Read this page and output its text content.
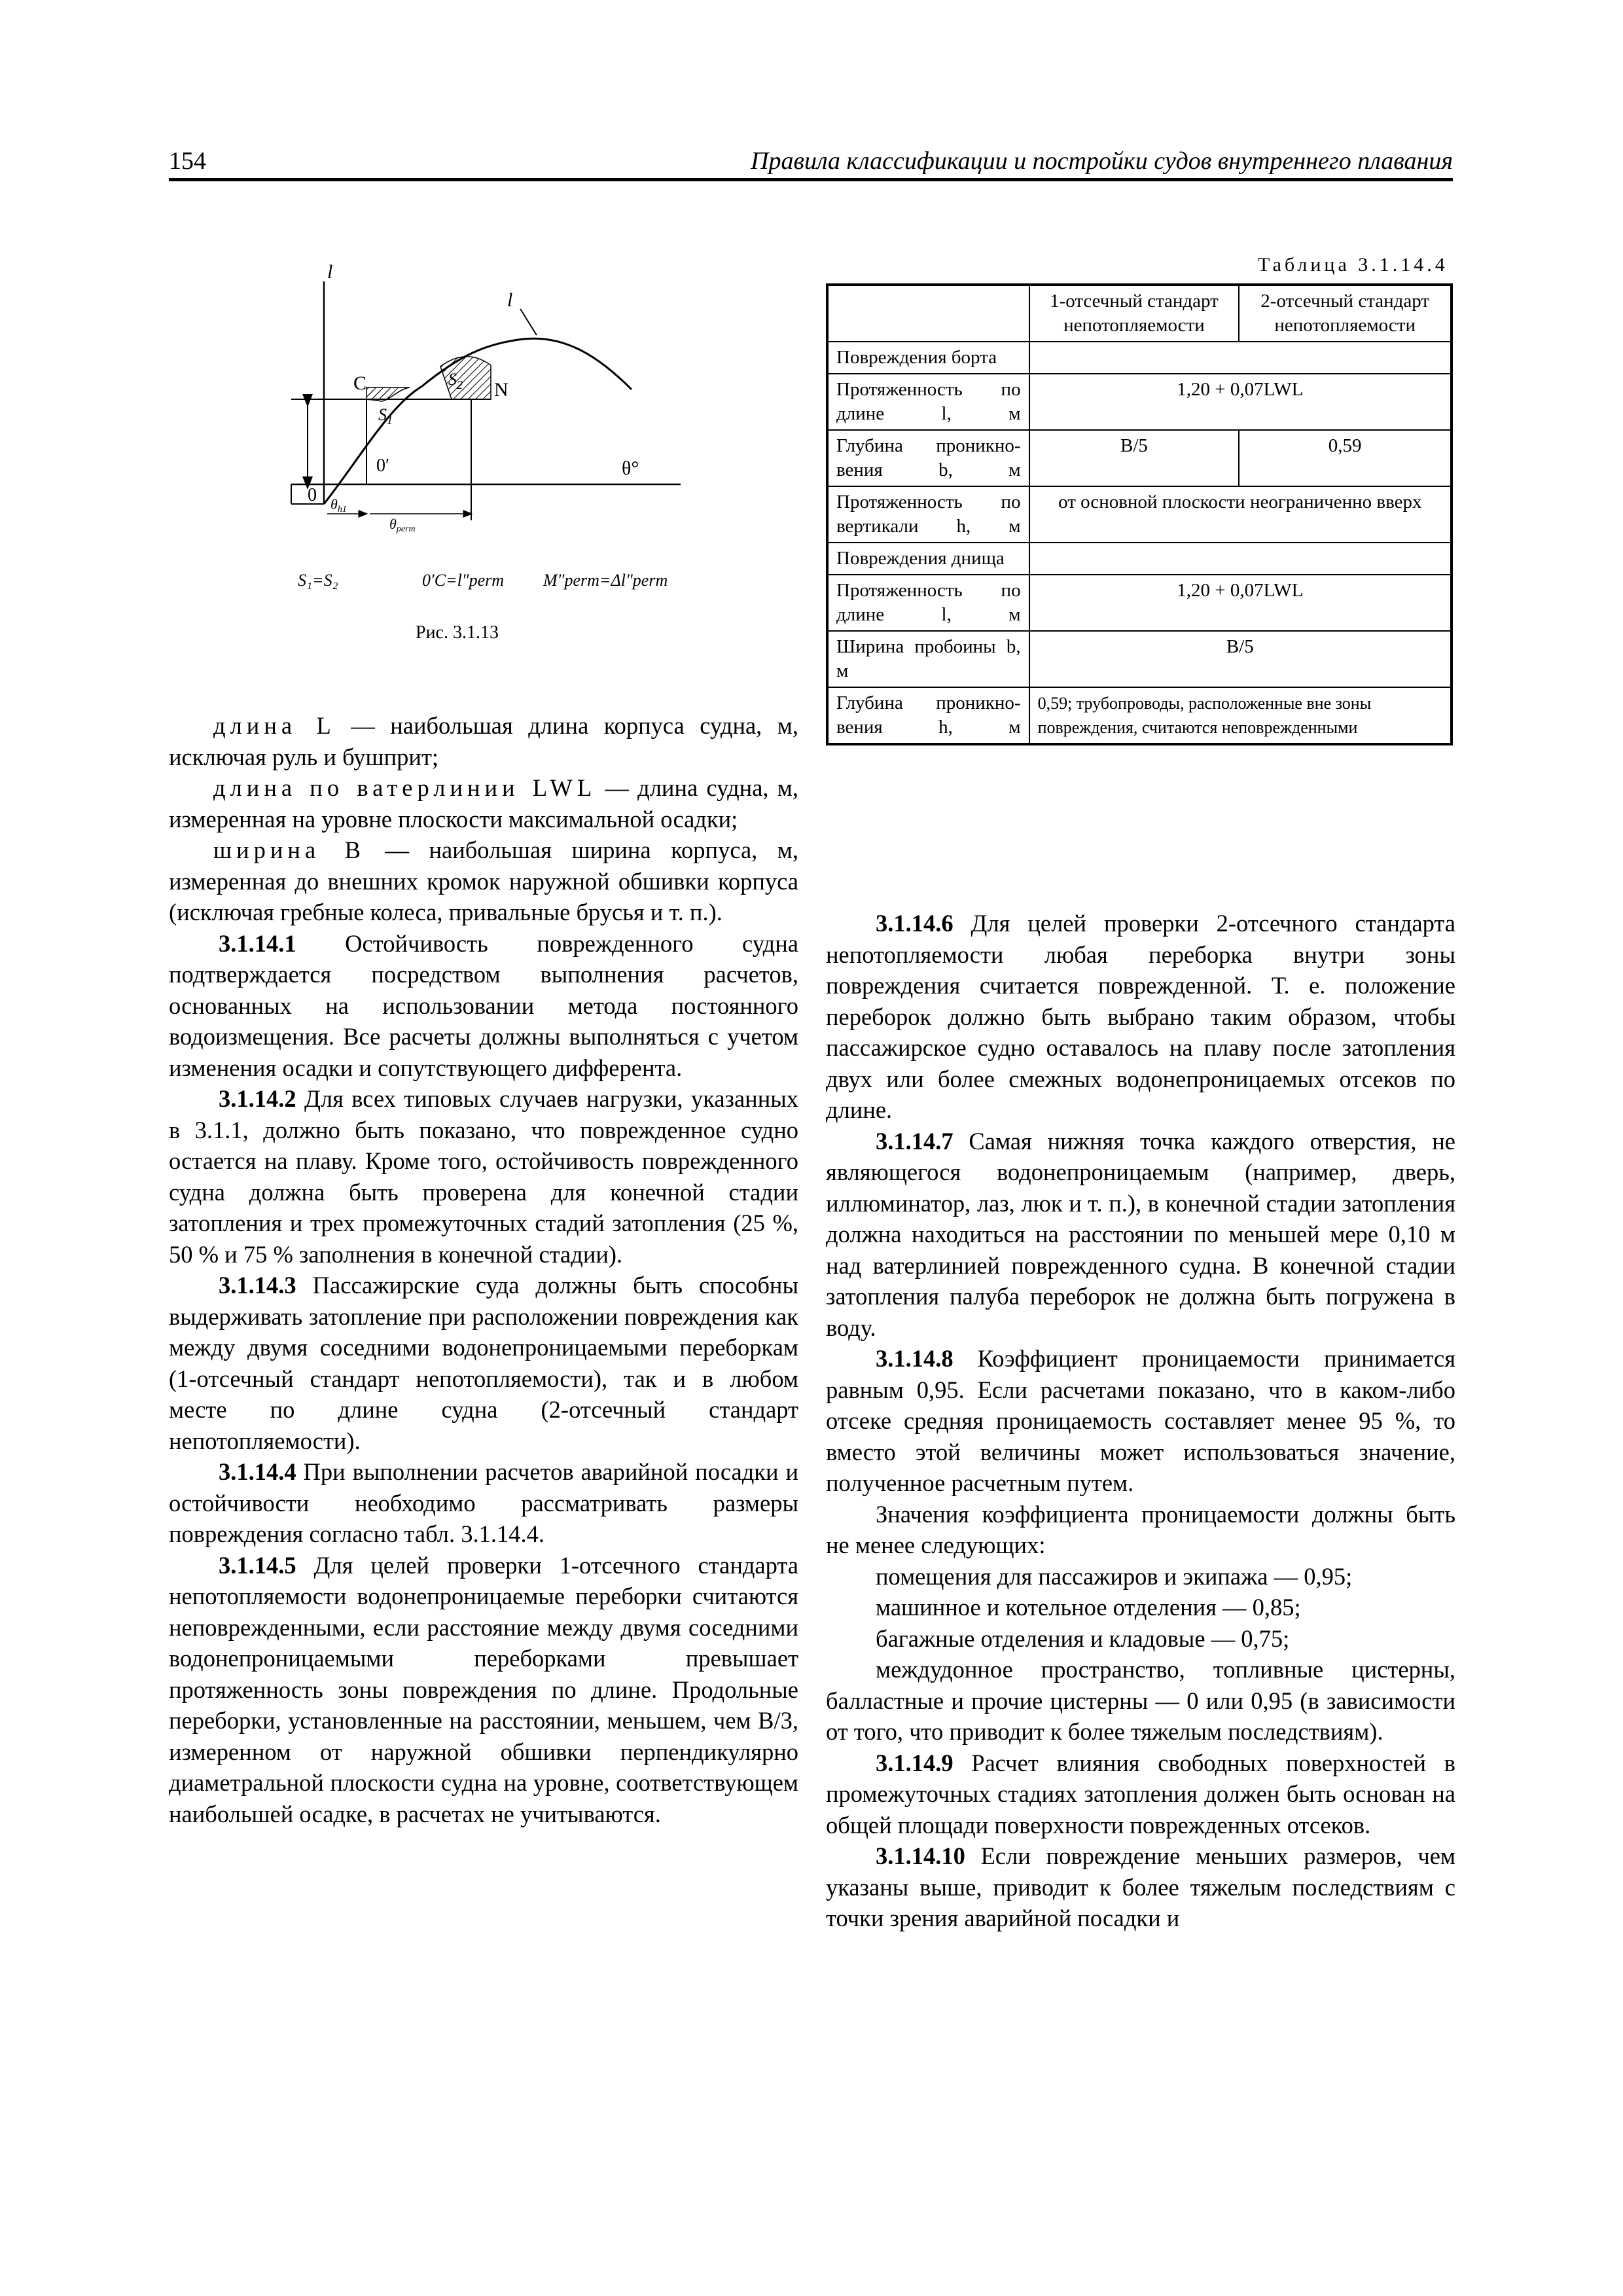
154	Правила классификации и постройки судов внутреннего плавания
l
θ°
l
C	N
$S_1$
$S_2$
0
0′
θh1
θperm
S₁=S₂	0′C=l″perm M″perm=Δl″perm
Рис. 3.1.13
Таблица 3.1.14.4
	1-отсечный стандарт непотопляемости	2-отсечный стандарт непотопляемости
Повреждения борта		
Протяженность по длине l, м	1,20 + 0,07LWL	
Глубина проникно-вения b, м	B/5	0,59
Протяженность по вертикали h, м	от основной плоскости неограниченно вверх	
Повреждения днища		
Протяженность по длине l, м	1,20 + 0,07LWL	
Ширина пробоины b, м	B/5	
Глубина проникно-вения h, м	0,59; трубопроводы, расположенные вне зоны повреждения, считаются неповрежденными	

длина L — наибольшая длина корпуса судна, м, исключая руль и бушприт;

длина по ватерлинии LWL — длина судна, м, измеренная на уровне плоскости максимальной осадки;

ширина B — наибольшая ширина корпуса, м, измеренная до внешних кромок наружной обшивки корпуса (исключая гребные колеса, привальные брусья и т. п.).

3.1.14.1 Остойчивость поврежденного судна подтверждается посредством выполнения расчетов, основанных на использовании метода постоянного водоизмещения. Все расчеты должны выполняться с учетом изменения осадки и сопутствующего дифферента.

3.1.14.2 Для всех типовых случаев нагрузки, указанных в 3.1.1, должно быть показано, что поврежденное судно остается на плаву. Кроме того, остойчивость поврежденного судна должна быть проверена для конечной стадии затопления и трех промежуточных стадий затопления (25 %, 50 % и 75 % заполнения в конечной стадии).

3.1.14.3 Пассажирские суда должны быть способны выдерживать затопление при расположении повреждения как между двумя соседними водонепроницаемыми переборкам (1-отсечный стандарт непотопляемости), так и в любом месте по длине судна (2-отсечный стандарт непотопляемости).

3.1.14.4 При выполнении расчетов аварийной посадки и остойчивости необходимо рассматривать размеры повреждения согласно табл. 3.1.14.4.

3.1.14.5 Для целей проверки 1-отсечного стандарта непотопляемости водонепроницаемые переборки считаются неповрежденными, если расстояние между двумя соседними водонепроницаемыми переборками превышает протяженность зоны повреждения по длине. Продольные переборки, установленные на расстоянии, меньшем, чем B/3, измеренном от наружной обшивки перпендикулярно диаметральной плоскости судна на уровне, соответствующем наибольшей осадке, в расчетах не учитываются.

3.1.14.6 Для целей проверки 2-отсечного стандарта непотопляемости любая переборка внутри зоны повреждения считается поврежденной. Т. е. положение переборок должно быть выбрано таким образом, чтобы пассажирское судно оставалось на плаву после затопления двух или более смежных водонепроницаемых отсеков по длине.

3.1.14.7 Самая нижняя точка каждого отверстия, не являющегося водонепроницаемым (например, дверь, иллюминатор, лаз, люк и т. п.), в конечной стадии затопления должна находиться на расстоянии по меньшей мере 0,10 м над ватерлинией поврежденного судна. В конечной стадии затопления палуба переборок не должна быть погружена в воду.

3.1.14.8 Коэффициент проницаемости принимается равным 0,95. Если расчетами показано, что в каком-либо отсеке средняя проницаемость составляет менее 95 %, то вместо этой величины может использоваться значение, полученное расчетным путем.

Значения коэффициента проницаемости должны быть не менее следующих:

помещения для пассажиров и экипажа — 0,95;

машинное и котельное отделения — 0,85;

багажные отделения и кладовые — 0,75;

междудонное пространство, топливные цистерны, балластные и прочие цистерны — 0 или 0,95 (в зависимости от того, что приводит к более тяжелым последствиям).

3.1.14.9 Расчет влияния свободных поверхностей в промежуточных стадиях затопления должен быть основан на общей площади поверхности поврежденных отсеков.

3.1.14.10 Если повреждение меньших размеров, чем указаны выше, приводит к более тяжелым последствиям с точки зрения аварийной посадки и
